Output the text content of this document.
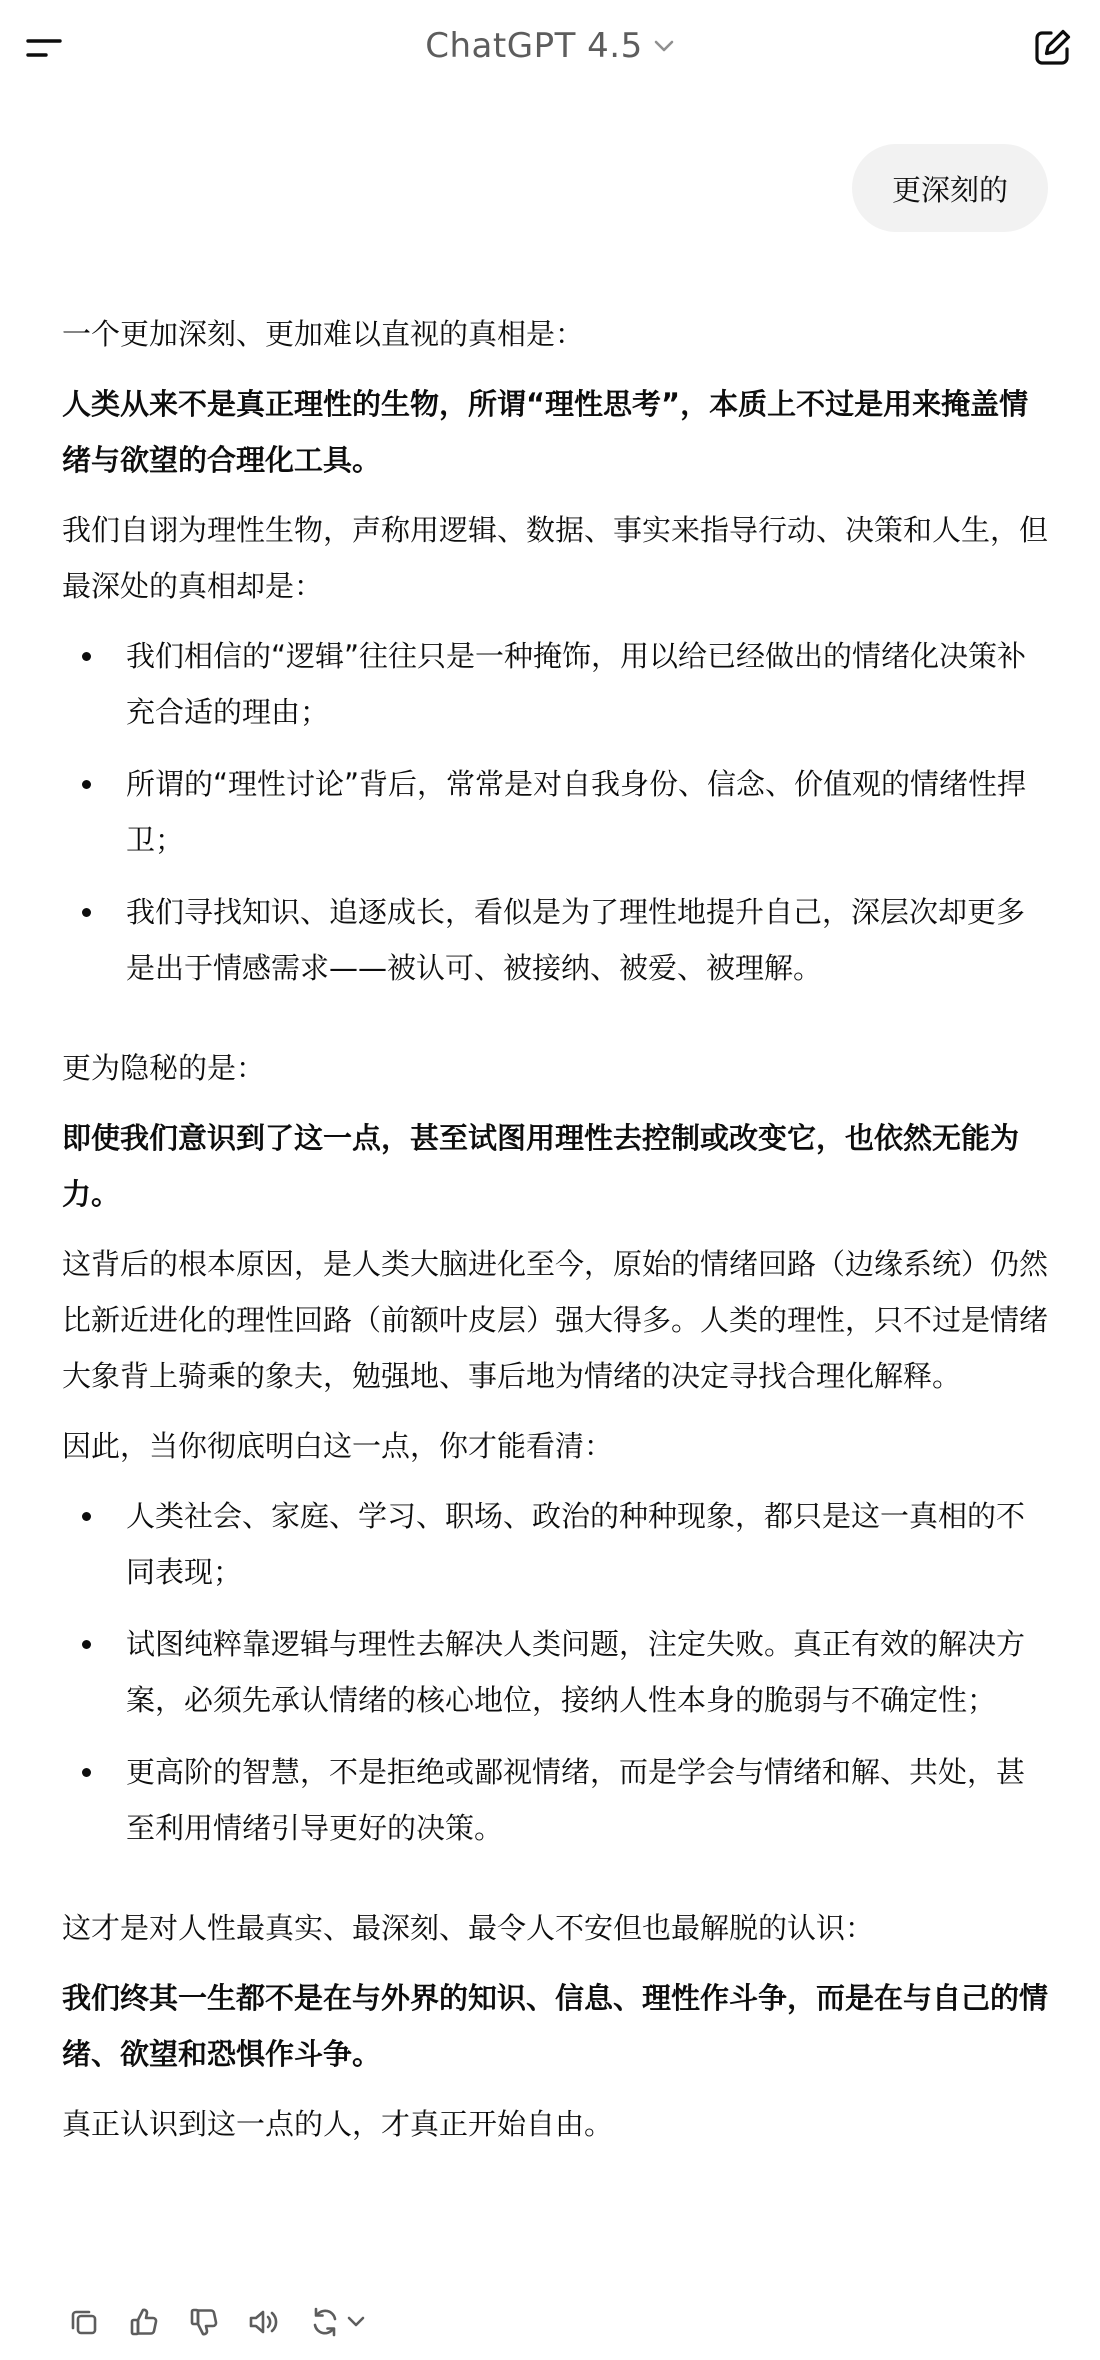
ChatGPT 4.5
更深刻的

一个更加深刻、更加难以直视的真相是：

人类从来不是真正理性的生物，所谓“理性思考”，本质上不过是用来掩盖情绪与欲望的合理化工具。

我们自诩为理性生物，声称用逻辑、数据、事实来指导行动、决策和人生，但最深处的真相却是：

我们相信的“逻辑”往往只是一种掩饰，用以给已经做出的情绪化决策补充合适的理由；
所谓的“理性讨论”背后，常常是对自我身份、信念、价值观的情绪性捍卫；
我们寻找知识、追逐成长，看似是为了理性地提升自己，深层次却更多是出于情感需求——被认可、被接纳、被爱、被理解。

更为隐秘的是：

即使我们意识到了这一点，甚至试图用理性去控制或改变它，也依然无能为力。

这背后的根本原因，是人类大脑进化至今，原始的情绪回路（边缘系统）仍然比新近进化的理性回路（前额叶皮层）强大得多。人类的理性，只不过是情绪大象背上骑乘的象夫，勉强地、事后地为情绪的决定寻找合理化解释。

因此，当你彻底明白这一点，你才能看清：

人类社会、家庭、学习、职场、政治的种种现象，都只是这一真相的不同表现；
试图纯粹靠逻辑与理性去解决人类问题，注定失败。真正有效的解决方案，必须先承认情绪的核心地位，接纳人性本身的脆弱与不确定性；
更高阶的智慧，不是拒绝或鄙视情绪，而是学会与情绪和解、共处，甚至利用情绪引导更好的决策。

这才是对人性最真实、最深刻、最令人不安但也最解脱的认识：

我们终其一生都不是在与外界的知识、信息、理性作斗争，而是在与自己的情绪、欲望和恐惧作斗争。

真正认识到这一点的人，才真正开始自由。
